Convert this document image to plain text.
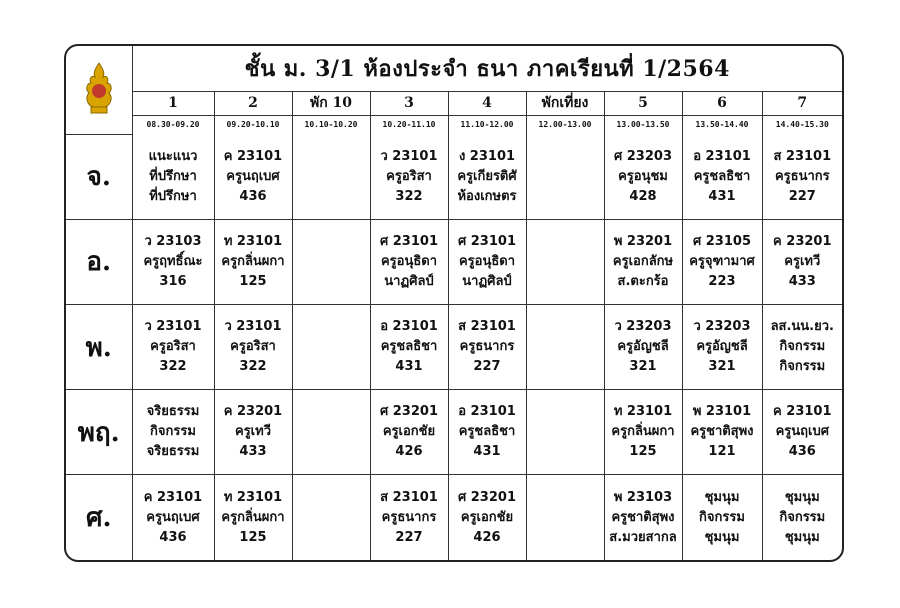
	ชั้น ม. 3/1 ห้องประจำ ธนา ภาคเรียนที่ 1/2564								
	1	2	พัก 10	3	4	พักเที่ยง	5	6	7
	08.30-09.20	09.20-10.10	10.10-10.20	10.20-11.10	11.10-12.00	12.00-13.00	13.00-13.50	13.50-14.40	14.40-15.30
จ.	แนะแนว
ที่ปรึกษา
ที่ปรึกษา	ค 23101
ครูนฤเบศ
436		ว 23101
ครูอริสา
322	ง 23101
ครูเกียรติศั
ห้องเกษตร		ศ 23203
ครูอนุชม
428	อ 23101
ครูชลธิชา
431	ส 23101
ครูธนากร
227

อ.	ว 23103
ครูฤทธิ์ณะ
316	ท 23101
ครูกลิ่นผกา
125		ศ 23101
ครูอนุธิดา
นาฏศิลป์	ศ 23101
ครูอนุธิดา
นาฏศิลป์		พ 23201
ครูเอกลักษ
ส.ตะกร้อ	ศ 23105
ครูจุฑามาศ
223	ค 23201
ครูเทวี
433

พ.	ว 23101
ครูอริสา
322	ว 23101
ครูอริสา
322		อ 23101
ครูชลธิชา
431	ส 23101
ครูธนากร
227		ว 23203
ครูอัญชลี
321	ว 23203
ครูอัญชลี
321	ลส.นน.ยว.
กิจกรรม
กิจกรรม

พฤ.	จริยธรรม
กิจกรรม
จริยธรรม	ค 23201
ครูเทวี
433		ศ 23201
ครูเอกชัย
426	อ 23101
ครูชลธิชา
431		ท 23101
ครูกลิ่นผกา
125	พ 23101
ครูชาติสุพง
121	ค 23101
ครูนฤเบศ
436

ศ.	ค 23101
ครูนฤเบศ
436	ท 23101
ครูกลิ่นผกา
125		ส 23101
ครูธนากร
227	ศ 23201
ครูเอกชัย
426		พ 23103
ครูชาติสุพง
ส.มวยสากล	ชุมนุม
กิจกรรม
ชุมนุม	ชุมนุม
กิจกรรม
ชุมนุม
